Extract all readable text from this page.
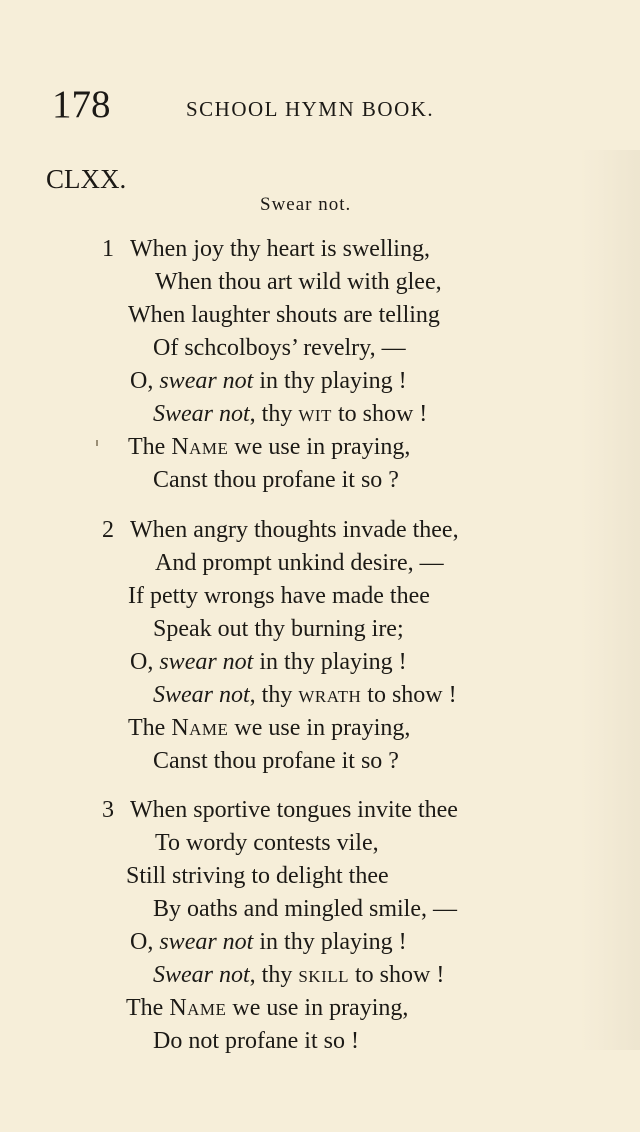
178	SCHOOL HYMN BOOK.
CLXX.
Swear not.
1 When joy thy heart is swelling,
When thou art wild with glee,
When laughter shouts are telling
Of schcolboys’ revelry, —
O, swear not in thy playing !
Swear not, thy wit to show !
The Name we use in praying,
Canst thou profane it so ?
2 When angry thoughts invade thee,
And prompt unkind desire, —
If petty wrongs have made thee
Speak out thy burning ire;
O, swear not in thy playing !
Swear not, thy wrath to show !
The Name we use in praying,
Canst thou profane it so ?
3 When sportive tongues invite thee
To wordy contests vile,
Still striving to delight thee
By oaths and mingled smile, —
O, swear not in thy playing !
Swear not, thy skill to show !
The Name we use in praying,
Do not profane it so !
